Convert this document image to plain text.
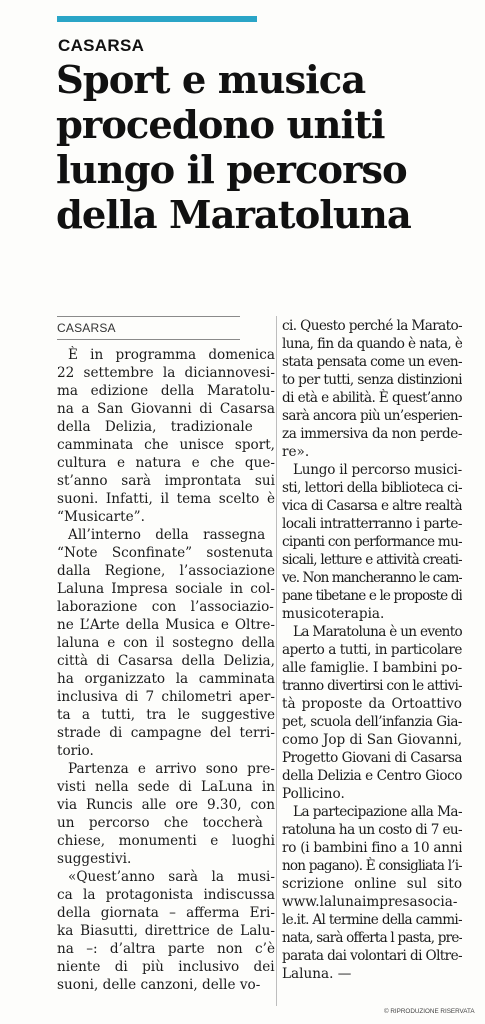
CASARSA
Sport e musica
procedono uniti
lungo il percorso
della Maratoluna
CASARSA
È in programma domenica
22 settembre la diciannovesi-
ma edizione della Maratolu-
na a San Giovanni di Casarsa
della Delizia, tradizionale
camminata che unisce sport,
cultura e natura e che que-
st’anno sarà improntata sui
suoni. Infatti, il tema scelto è
“Musicarte”.
All’interno della rassegna
“Note Sconfinate” sostenuta
dalla Regione, l’associazione
Laluna Impresa sociale in col-
laborazione con l’associazio-
ne L’Arte della Musica e Oltre-
laluna e con il sostegno della
città di Casarsa della Delizia,
ha organizzato la camminata
inclusiva di 7 chilometri aper-
ta a tutti, tra le suggestive
strade di campagne del terri-
torio.
Partenza e arrivo sono pre-
visti nella sede di LaLuna in
via Runcis alle ore 9.30, con
un percorso che toccherà
chiese, monumenti e luoghi
suggestivi.
«Quest’anno sarà la musi-
ca la protagonista indiscussa
della giornata – afferma Eri-
ka Biasutti, direttrice de Lalu-
na –: d’altra parte non c’è
niente di più inclusivo dei
suoni, delle canzoni, delle vo-
ci. Questo perché la Marato-
luna, fin da quando è nata, è
stata pensata come un even-
to per tutti, senza distinzioni
di età e abilità. È quest’anno
sarà ancora più un’esperien-
za immersiva da non perde-
re».
Lungo il percorso musici-
sti, lettori della biblioteca ci-
vica di Casarsa e altre realtà
locali intratterranno i parte-
cipanti con performance mu-
sicali, letture e attività creati-
ve. Non mancheranno le cam-
pane tibetane e le proposte di
musicoterapia.
La Maratoluna è un evento
aperto a tutti, in particolare
alle famiglie. I bambini po-
tranno divertirsi con le attivi-
tà proposte da Ortoattivo
pet, scuola dell’infanzia Gia-
como Jop di San Giovanni,
Progetto Giovani di Casarsa
della Delizia e Centro Gioco
Pollicino.
La partecipazione alla Ma-
ratoluna ha un costo di 7 eu-
ro (i bambini fino a 10 anni
non pagano). È consigliata l’i-
scrizione online sul sito
www.lalunaimpresasocia-
le.it. Al termine della cammi-
nata, sarà offerta l pasta, pre-
parata dai volontari di Oltre-
Laluna. —
© RIPRODUZIONE RISERVATA
